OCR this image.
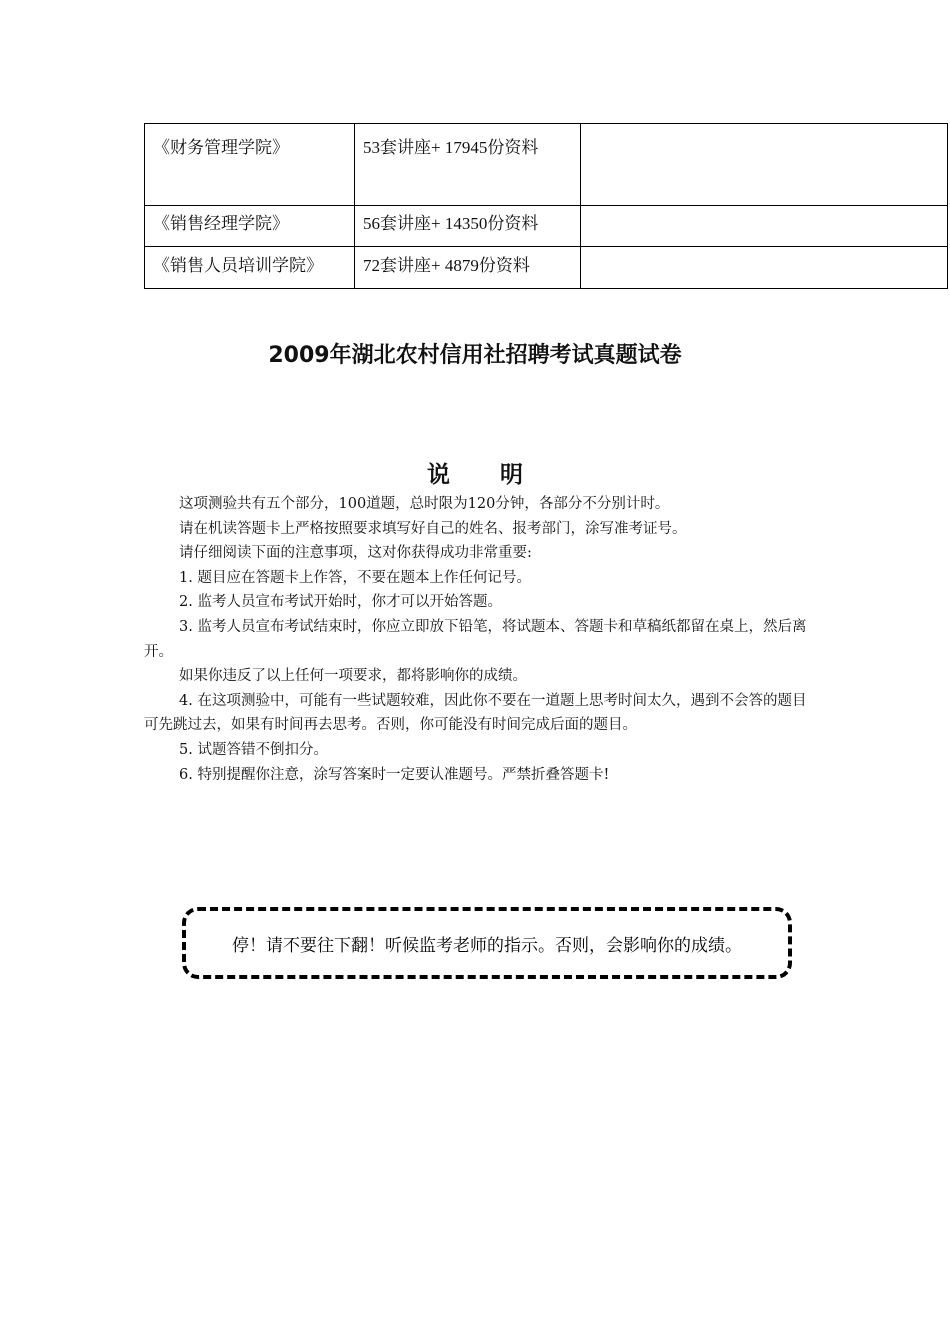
《财务管理学院》	53套讲座+ 17945份资料	
《销售经理学院》	56套讲座+ 14350份资料	
《销售人员培训学院》	72套讲座+ 4879份资料	
2009年湖北农村信用社招聘考试真题试卷
说明

这项测验共有五个部分，100道题，总时限为120分钟，各部分不分别计时。

请在机读答题卡上严格按照要求填写好自己的姓名、报考部门，涂写准考证号。

请仔细阅读下面的注意事项，这对你获得成功非常重要:

1. 题目应在答题卡上作答，不要在题本上作任何记号。

2. 监考人员宣布考试开始时，你才可以开始答题。

3. 监考人员宣布考试结束时，你应立即放下铅笔，将试题本、答题卡和草稿纸都留在桌上，然后离开。

如果你违反了以上任何一项要求，都将影响你的成绩。

4. 在这项测验中，可能有一些试题较难，因此你不要在一道题上思考时间太久，遇到不会答的题目可先跳过去，如果有时间再去思考。否则，你可能没有时间完成后面的题目。

5. 试题答错不倒扣分。

6. 特别提醒你注意，涂写答案时一定要认准题号。严禁折叠答题卡!

停！请不要往下翻！听候监考老师的指示。否则，会影响你的成绩。
